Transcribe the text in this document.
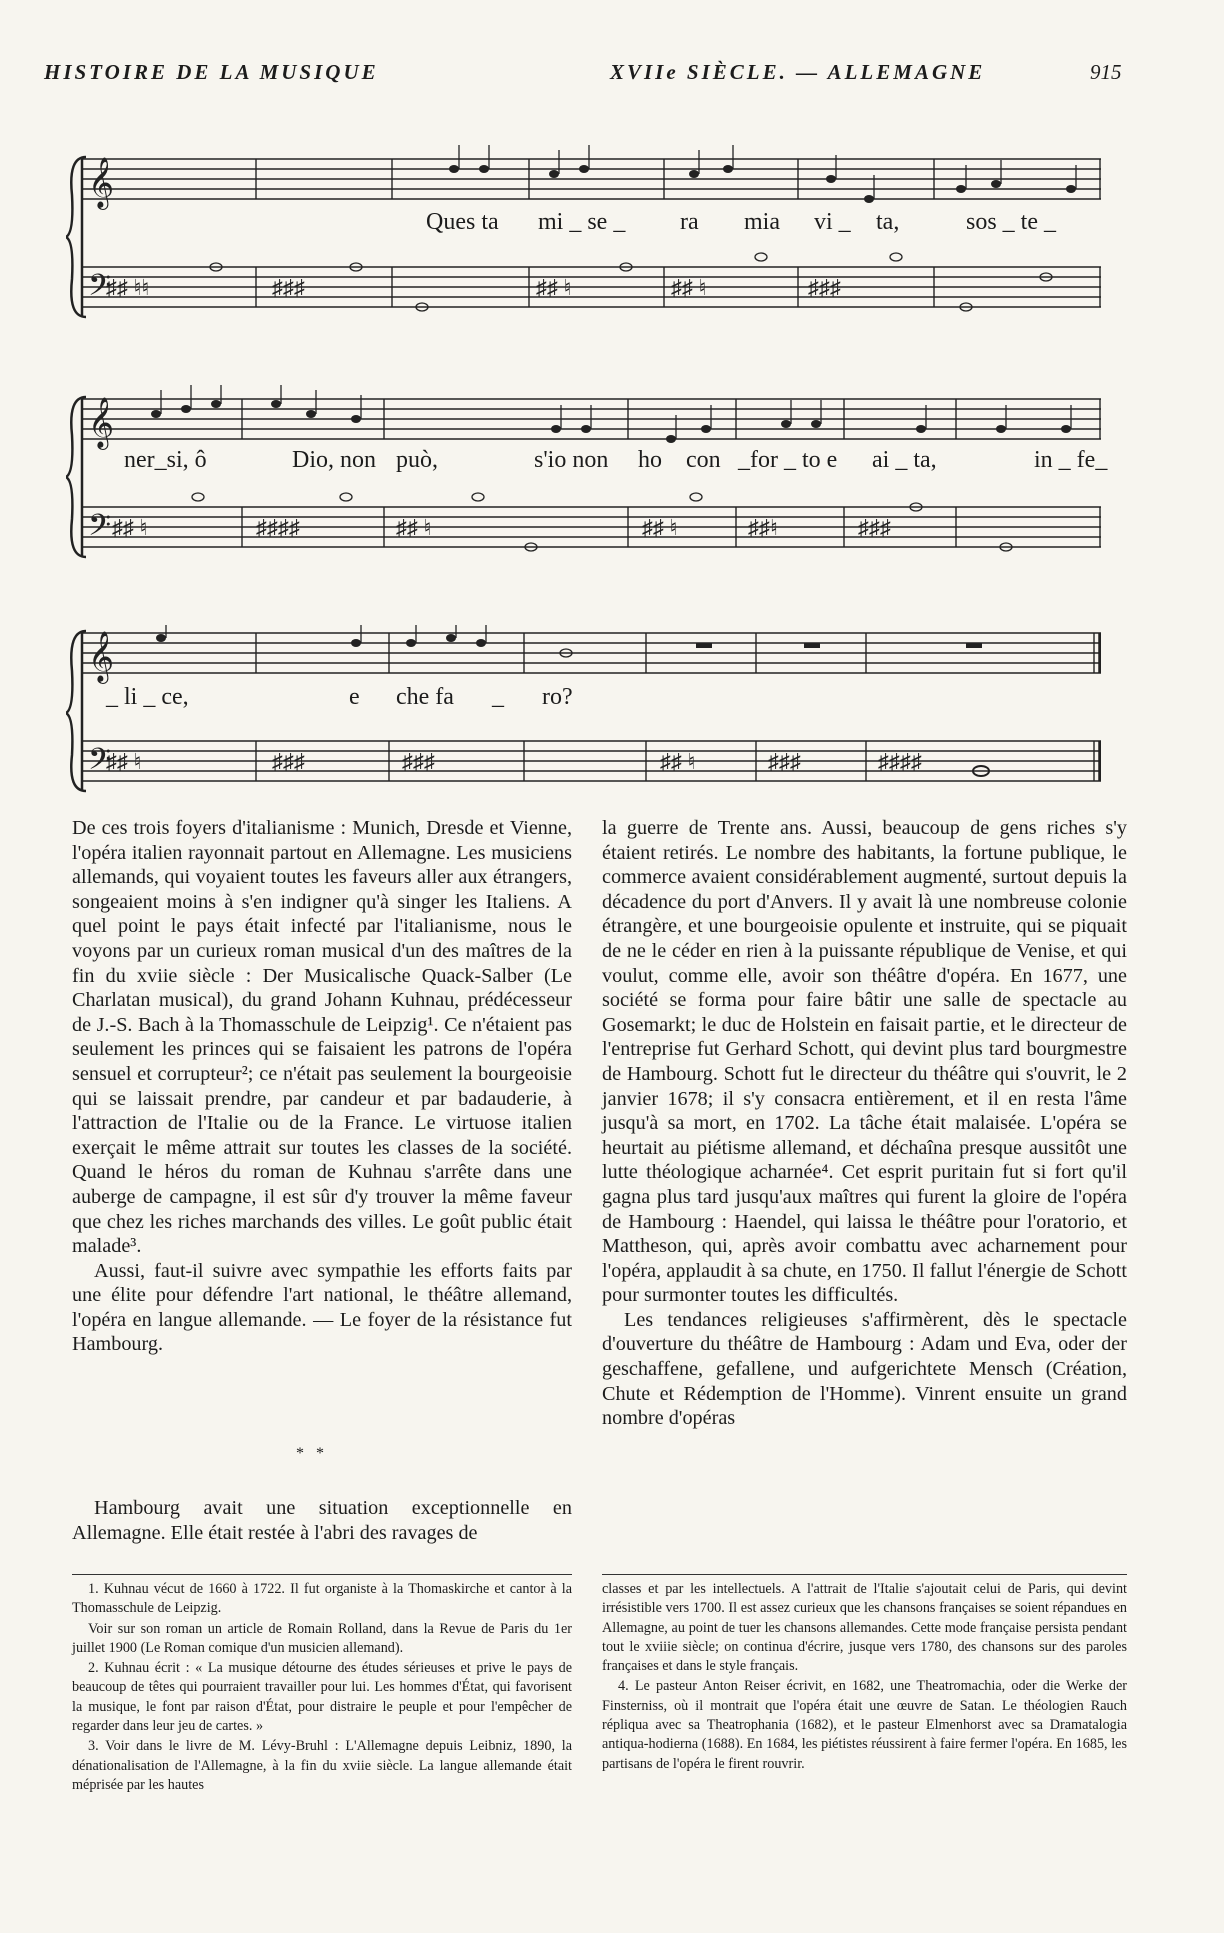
HISTOIRE DE LA MUSIQUE	XVIIe SIÈCLE. — ALLEMAGNE	915
𝄞
𝄢
♯♯ ♮♮	♯♯♯	♯♯ ♮	♯♯ ♮	♯♯♯
Ques ta mi _ se _ ra mia vi _ ta,	sos _ te _
𝄞
𝄢 ♯♯ ♮	♯♯♯♯	♯♯ ♮	♯♯ ♮	♯♯♮	♯♯♯
ner_si, ô	Dio, non può,	s'io non ho con _for _ to e ai _ ta,	in _ fe_
𝄞
𝄢
♯♯ ♮	♯♯♯	♯♯♯	♯♯ ♮	♯♯♯	♯♯♯♯
_ li _ ce,	e che fa _ ro?

De ces trois foyers d'italianisme : Munich, Dresde et Vienne, l'opéra italien rayonnait partout en Allemagne. Les musiciens allemands, qui voyaient toutes les faveurs aller aux étrangers, songeaient moins à s'en indigner qu'à singer les Italiens. A quel point le pays était infecté par l'italianisme, nous le voyons par un curieux roman musical d'un des maîtres de la fin du xviie siècle : Der Musicalische Quack-Salber (Le Charlatan musical), du grand Johann Kuhnau, prédécesseur de J.-S. Bach à la Thomasschule de Leipzig¹. Ce n'étaient pas seulement les princes qui se faisaient les patrons de l'opéra sensuel et corrupteur²; ce n'était pas seulement la bourgeoisie qui se laissait prendre, par candeur et par badauderie, à l'attraction de l'Italie ou de la France. Le virtuose italien exerçait le même attrait sur toutes les classes de la société. Quand le héros du roman de Kuhnau s'arrête dans une auberge de campagne, il est sûr d'y trouver la même faveur que chez les riches marchands des villes. Le goût public était malade³.

Aussi, faut-il suivre avec sympathie les efforts faits par une élite pour défendre l'art national, le théâtre allemand, l'opéra en langue allemande. — Le foyer de la résistance fut Hambourg.

* *

Hambourg avait une situation exceptionnelle en Allemagne. Elle était restée à l'abri des ravages de

la guerre de Trente ans. Aussi, beaucoup de gens riches s'y étaient retirés. Le nombre des habitants, la fortune publique, le commerce avaient considérablement augmenté, surtout depuis la décadence du port d'Anvers. Il y avait là une nombreuse colonie étrangère, et une bourgeoisie opulente et instruite, qui se piquait de ne le céder en rien à la puissante république de Venise, et qui voulut, comme elle, avoir son théâtre d'opéra. En 1677, une société se forma pour faire bâtir une salle de spectacle au Gosemarkt; le duc de Holstein en faisait partie, et le directeur de l'entreprise fut Gerhard Schott, qui devint plus tard bourgmestre de Hambourg. Schott fut le directeur du théâtre qui s'ouvrit, le 2 janvier 1678; il s'y consacra entièrement, et il en resta l'âme jusqu'à sa mort, en 1702. La tâche était malaisée. L'opéra se heurtait au piétisme allemand, et déchaîna presque aussitôt une lutte théologique acharnée⁴. Cet esprit puritain fut si fort qu'il gagna plus tard jusqu'aux maîtres qui furent la gloire de l'opéra de Hambourg : Haendel, qui laissa le théâtre pour l'oratorio, et Mattheson, qui, après avoir combattu avec acharnement pour l'opéra, applaudit à sa chute, en 1750. Il fallut l'énergie de Schott pour surmonter toutes les difficultés.

Les tendances religieuses s'affirmèrent, dès le spectacle d'ouverture du théâtre de Hambourg : Adam und Eva, oder der geschaffene, gefallene, und aufgerichtete Mensch (Création, Chute et Rédemption de l'Homme). Vinrent ensuite un grand nombre d'opéras

1. Kuhnau vécut de 1660 à 1722. Il fut organiste à la Thomaskirche et cantor à la Thomasschule de Leipzig.

Voir sur son roman un article de Romain Rolland, dans la Revue de Paris du 1er juillet 1900 (Le Roman comique d'un musicien allemand).

2. Kuhnau écrit : « La musique détourne des études sérieuses et prive le pays de beaucoup de têtes qui pourraient travailler pour lui. Les hommes d'État, qui favorisent la musique, le font par raison d'État, pour distraire le peuple et pour l'empêcher de regarder dans leur jeu de cartes. »

3. Voir dans le livre de M. Lévy-Bruhl : L'Allemagne depuis Leibniz, 1890, la dénationalisation de l'Allemagne, à la fin du xviie siècle. La langue allemande était méprisée par les hautes

classes et par les intellectuels. A l'attrait de l'Italie s'ajoutait celui de Paris, qui devint irrésistible vers 1700. Il est assez curieux que les chansons françaises se soient répandues en Allemagne, au point de tuer les chansons allemandes. Cette mode française persista pendant tout le xviiie siècle; on continua d'écrire, jusque vers 1780, des chansons sur des paroles françaises et dans le style français.

4. Le pasteur Anton Reiser écrivit, en 1682, une Theatromachia, oder die Werke der Finsterniss, où il montrait que l'opéra était une œuvre de Satan. Le théologien Rauch répliqua avec sa Theatrophania (1682), et le pasteur Elmenhorst avec sa Dramatalogia antiqua-hodierna (1688). En 1684, les piétistes réussirent à faire fermer l'opéra. En 1685, les partisans de l'opéra le firent rouvrir.
